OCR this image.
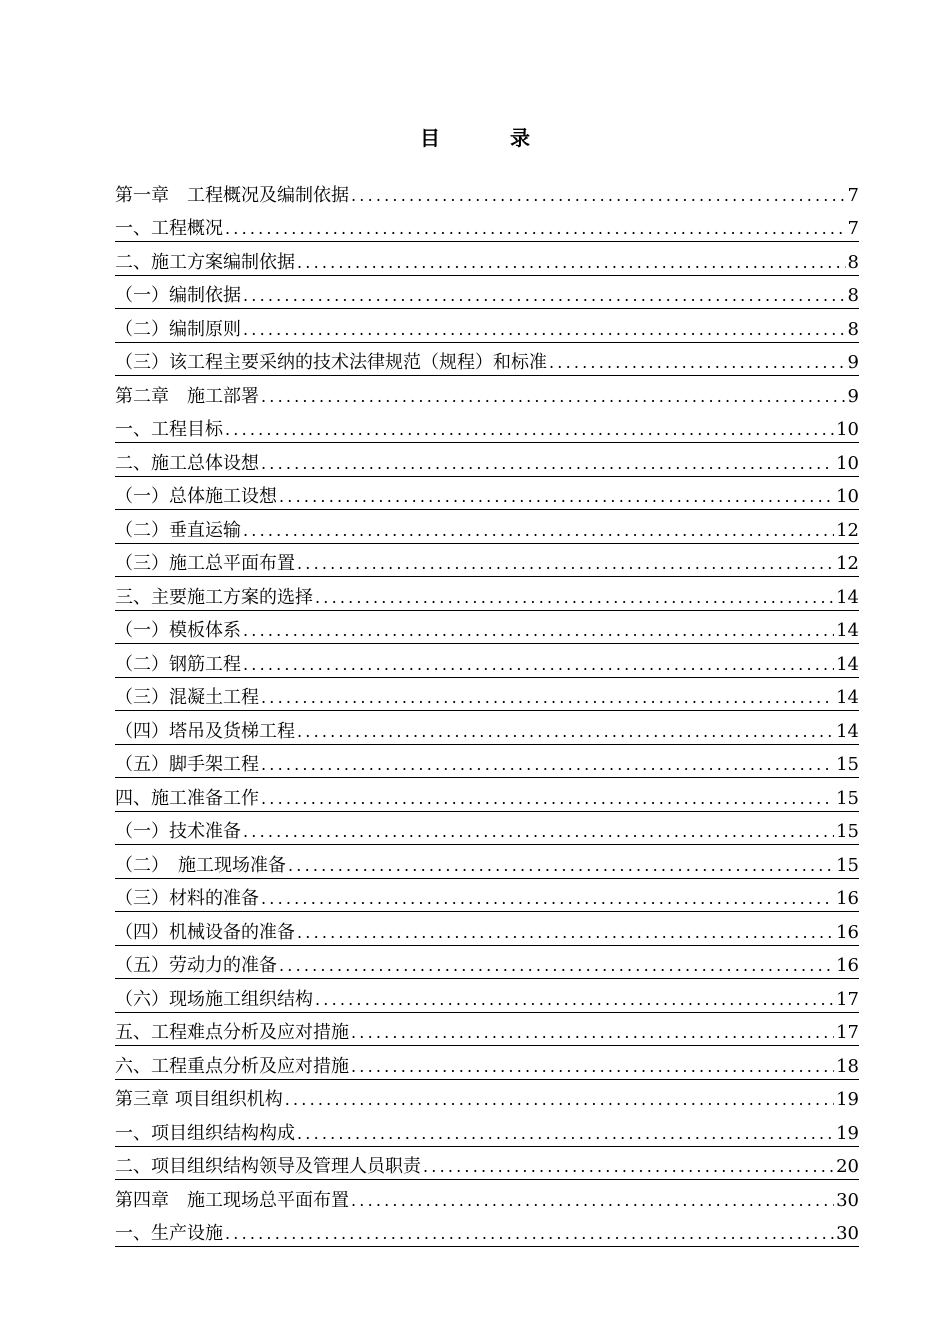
目	录
第一章　工程概况及编制依据 .....	7
一、工程概况 .....	7
二、施工方案编制依据 .....	8
（一）编制依据 .....	8
（二）编制原则 .....	8
（三）该工程主要采纳的技术法律规范（规程）和标准 .....	9
第二章　施工部署 .....	9
一、工程目标 .....	10
二、施工总体设想 .....	10
（一）总体施工设想 .....	10
（二）垂直运输 .....	12
（三）施工总平面布置 .....	12
三、主要施工方案的选择 .....	14
（一）模板体系 .....	14
（二）钢筋工程 .....	14
（三）混凝土工程 .....	14
（四）塔吊及货梯工程 .....	14
（五）脚手架工程 .....	15
四、施工准备工作 .....	15
（一）技术准备 .....	15
（二）　施工现场准备 .....	15
（三）材料的准备 .....	16
（四）机械设备的准备 .....	16
（五）劳动力的准备 .....	16
（六）现场施工组织结构 .....	17
五、工程难点分析及应对措施 .....	17
六、工程重点分析及应对措施 .....	18
第三章 项目组织机构 .....	19
一、项目组织结构构成 .....	19
二、项目组织结构领导及管理人员职责 .....	20
第四章　施工现场总平面布置 .....	30
一、生产设施 .....	30
